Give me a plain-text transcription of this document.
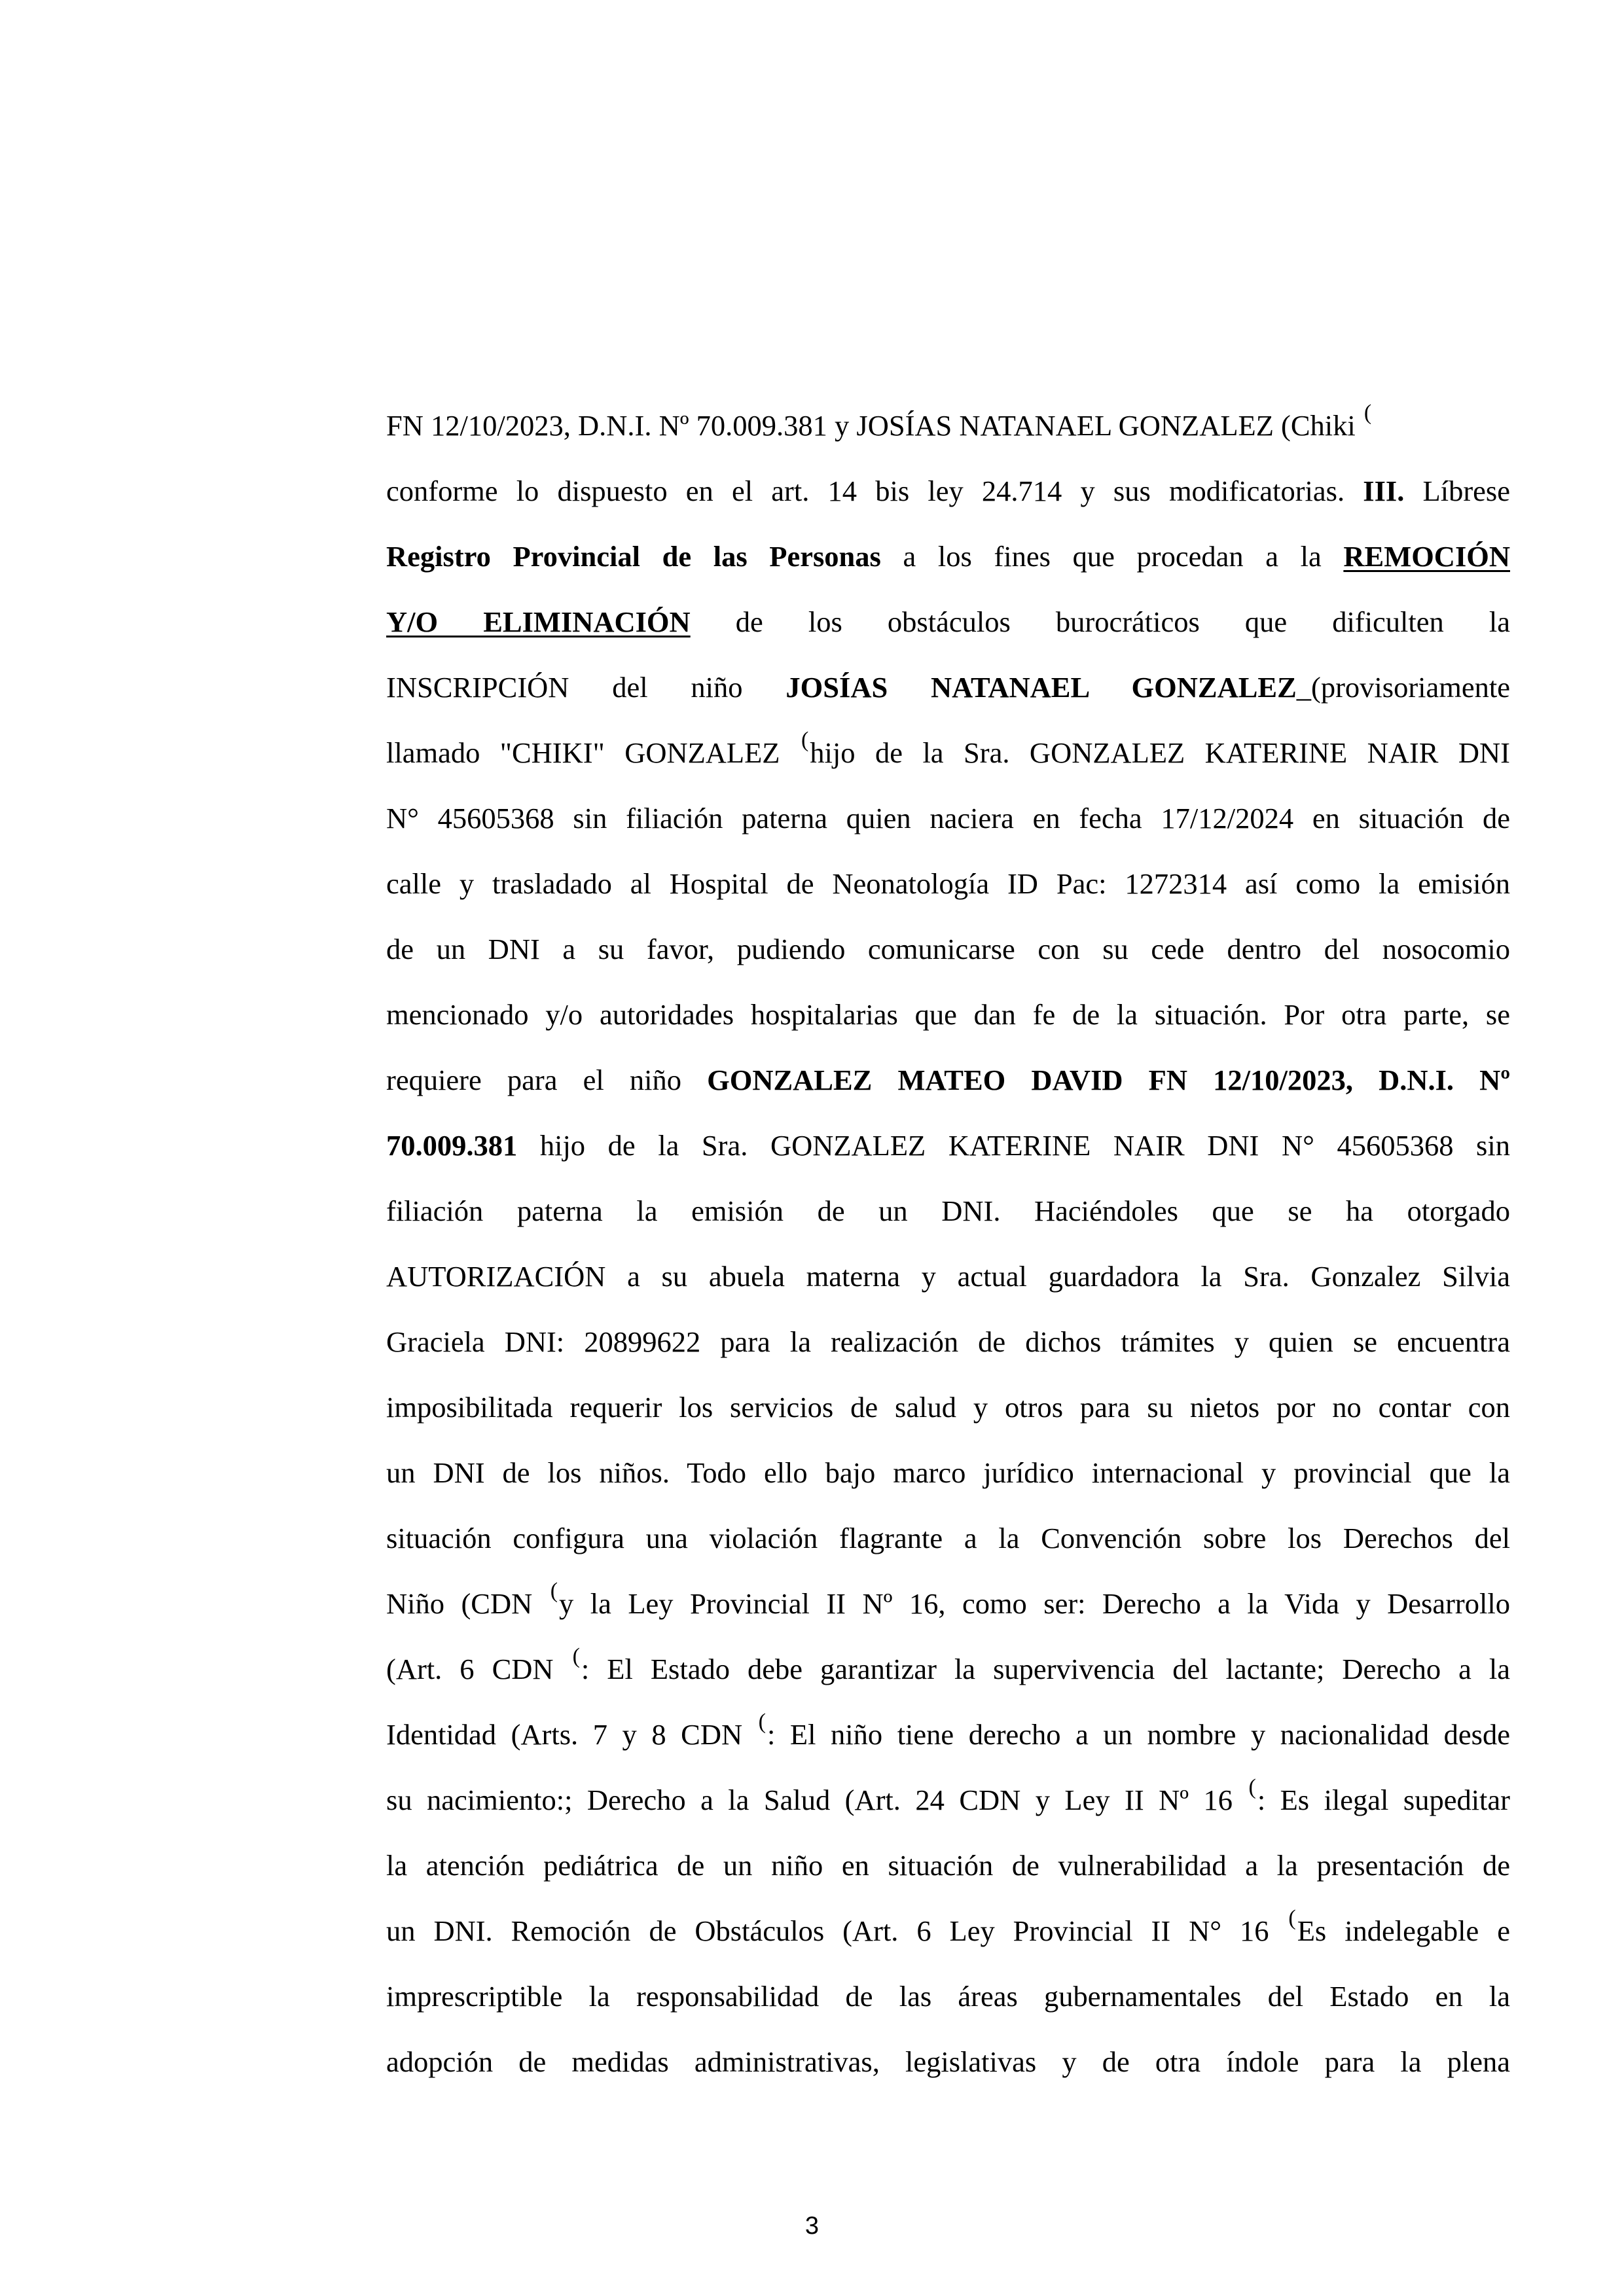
FN 12/10/2023, D.N.I. Nº 70.009.381 y JOSÍAS NATANAEL GONZALEZ (Chiki (
conforme lo dispuesto en el art. 14 bis ley 24.714 y sus modificatorias. III. Líbrese
Registro Provincial de las Personas a los fines que procedan a la REMOCIÓN
Y/O ELIMINACIÓN de los obstáculos burocráticos que dificulten la
INSCRIPCIÓN del niño JOSÍAS NATANAEL GONZALEZ_(provisoriamente
llamado "CHIKI" GONZALEZ (hijo de la Sra. GONZALEZ KATERINE NAIR DNI
N° 45605368 sin filiación paterna quien naciera en fecha 17/12/2024 en situación de
calle y trasladado al Hospital de Neonatología ID Pac: 1272314 así como la emisión
de un DNI a su favor, pudiendo comunicarse con su cede dentro del nosocomio
mencionado y/o autoridades hospitalarias que dan fe de la situación. Por otra parte, se
requiere para el niño GONZALEZ MATEO DAVID FN 12/10/2023, D.N.I. Nº
70.009.381 hijo de la Sra. GONZALEZ KATERINE NAIR DNI N° 45605368 sin
filiación paterna la emisión de un DNI. Haciéndoles que se ha otorgado
AUTORIZACIÓN a su abuela materna y actual guardadora la Sra. Gonzalez Silvia
Graciela DNI: 20899622 para la realización de dichos trámites y quien se encuentra
imposibilitada requerir los servicios de salud y otros para su nietos por no contar con
un DNI de los niños. Todo ello bajo marco jurídico internacional y provincial que la
situación configura una violación flagrante a la Convención sobre los Derechos del
Niño (CDN (y la Ley Provincial II Nº 16, como ser: Derecho a la Vida y Desarrollo
(Art. 6 CDN (: El Estado debe garantizar la supervivencia del lactante; Derecho a la
Identidad (Arts. 7 y 8 CDN (: El niño tiene derecho a un nombre y nacionalidad desde
su nacimiento:; Derecho a la Salud (Art. 24 CDN y Ley II Nº 16 (: Es ilegal supeditar
la atención pediátrica de un niño en situación de vulnerabilidad a la presentación de
un DNI. Remoción de Obstáculos (Art. 6 Ley Provincial II N° 16 (Es indelegable e
imprescriptible la responsabilidad de las áreas gubernamentales del Estado en la
adopción de medidas administrativas, legislativas y de otra índole para la plena
3
